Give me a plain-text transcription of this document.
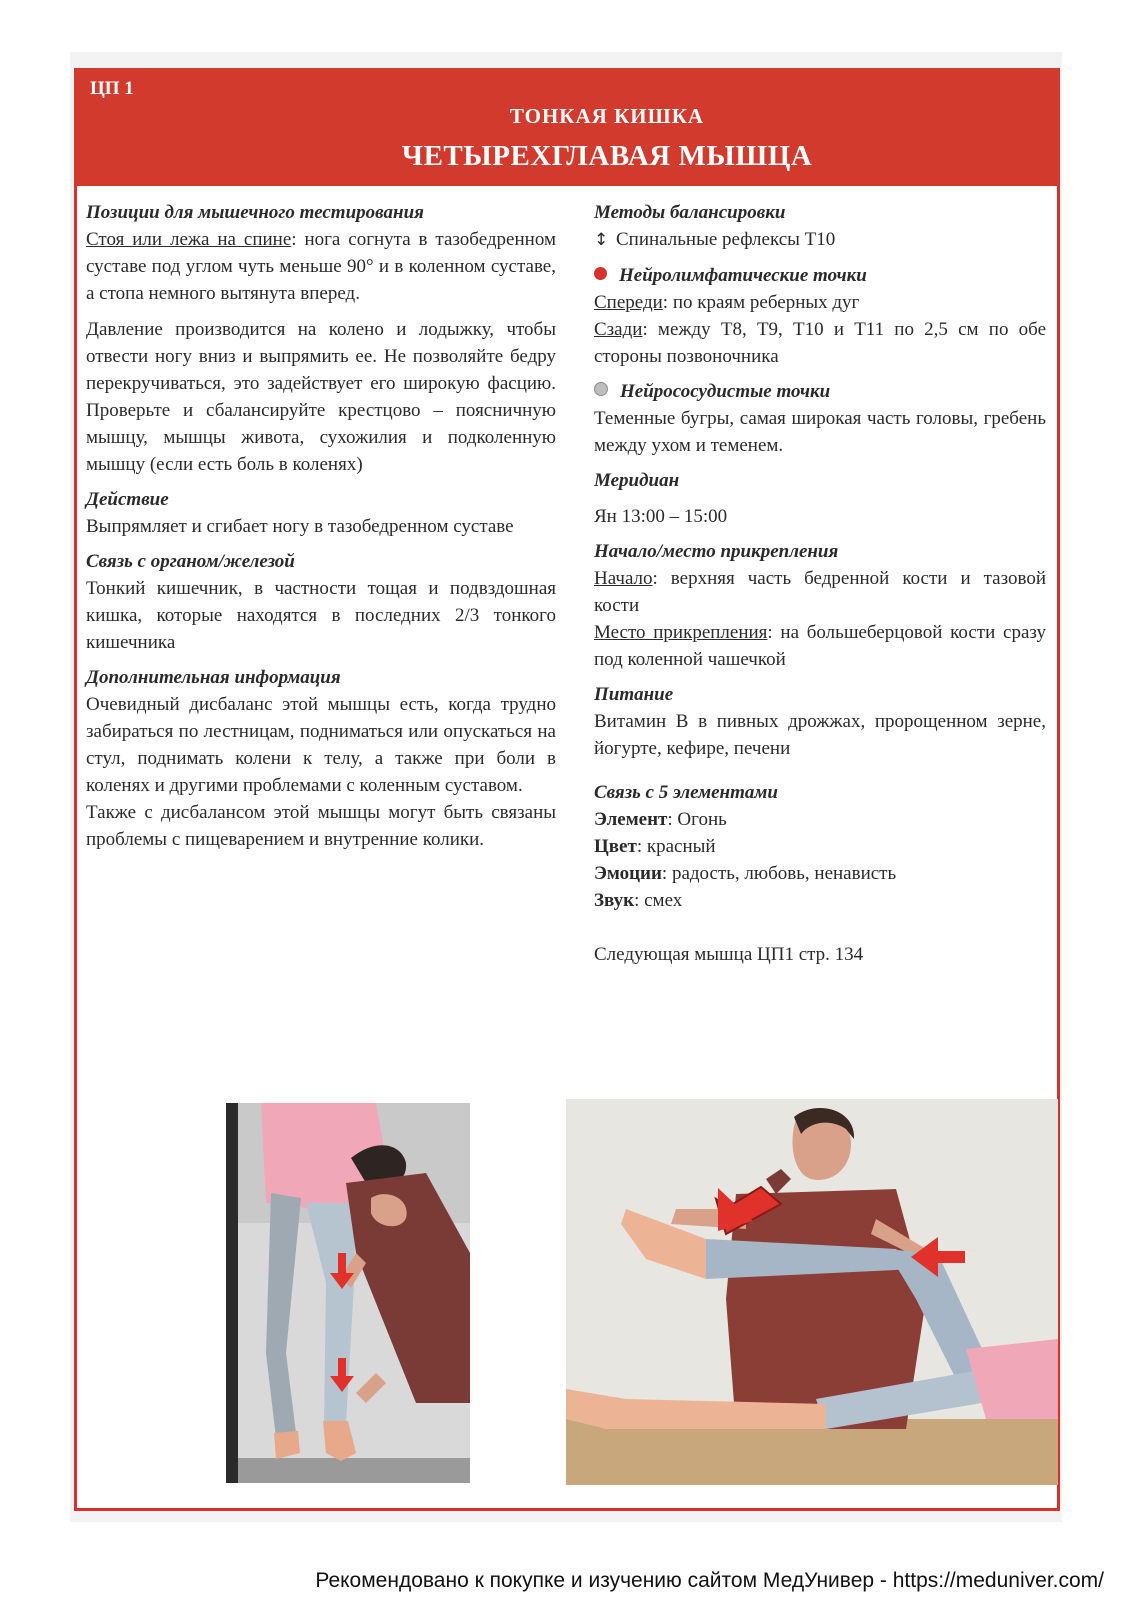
ЦП 1
ТОНКАЯ КИШКА
ЧЕТЫРЕХГЛАВАЯ МЫШЦА

Позиции для мышечного тестирования

Стоя или лежа на спине: нога согнута в тазобедренном суставе под углом чуть меньше 90° и в коленном суставе, а стопа немного вытянута вперед.

Давление производится на колено и лодыжку, чтобы отвести ногу вниз и выпрямить ее. Не позволяйте бедру перекручиваться, это задействует его широкую фасцию. Проверьте и сбалансируйте крестцово – поясничную мышцу, мышцы живота, сухожилия и подколенную мышцу (если есть боль в коленях)

Действие

Выпрямляет и сгибает ногу в тазобедренном суставе

Связь с органом/железой

Тонкий кишечник, в частности тощая и подвздошная кишка, которые находятся в последних 2/3 тонкого кишечника

Дополнительная информация

Очевидный дисбаланс этой мышцы есть, когда трудно забираться по лестницам, подниматься или опускаться на стул, поднимать колени к телу, а также при боли в коленях и другими проблемами с коленным суставом.

Также с дисбалансом этой мышцы могут быть связаны проблемы с пищеварением и внутренние колики.

Методы балансировки

↕ Спинальные рефлексы Т10

Нейролимфатические точки

Спереди: по краям реберных дуг

Сзади: между Т8, Т9, Т10 и Т11 по 2,5 см по обе стороны позвоночника

Нейрососудистые точки

Теменные бугры, самая широкая часть головы, гребень между ухом и теменем.

Меридиан

Ян 13:00 – 15:00

Начало/место прикрепления

Начало: верхняя часть бедренной кости и тазовой кости

Место прикрепления: на большеберцовой кости сразу под коленной чашечкой

Питание

Витамин В в пивных дрожжах, пророщенном зерне, йогурте, кефире, печени

Связь с 5 элементами

Элемент: Огонь

Цвет: красный

Эмоции: радость, любовь, ненависть

Звук: смех

Следующая мышца ЦП1 стр. 134

Рекомендовано к покупке и изучению сайтом МедУнивер - https://meduniver.com/
